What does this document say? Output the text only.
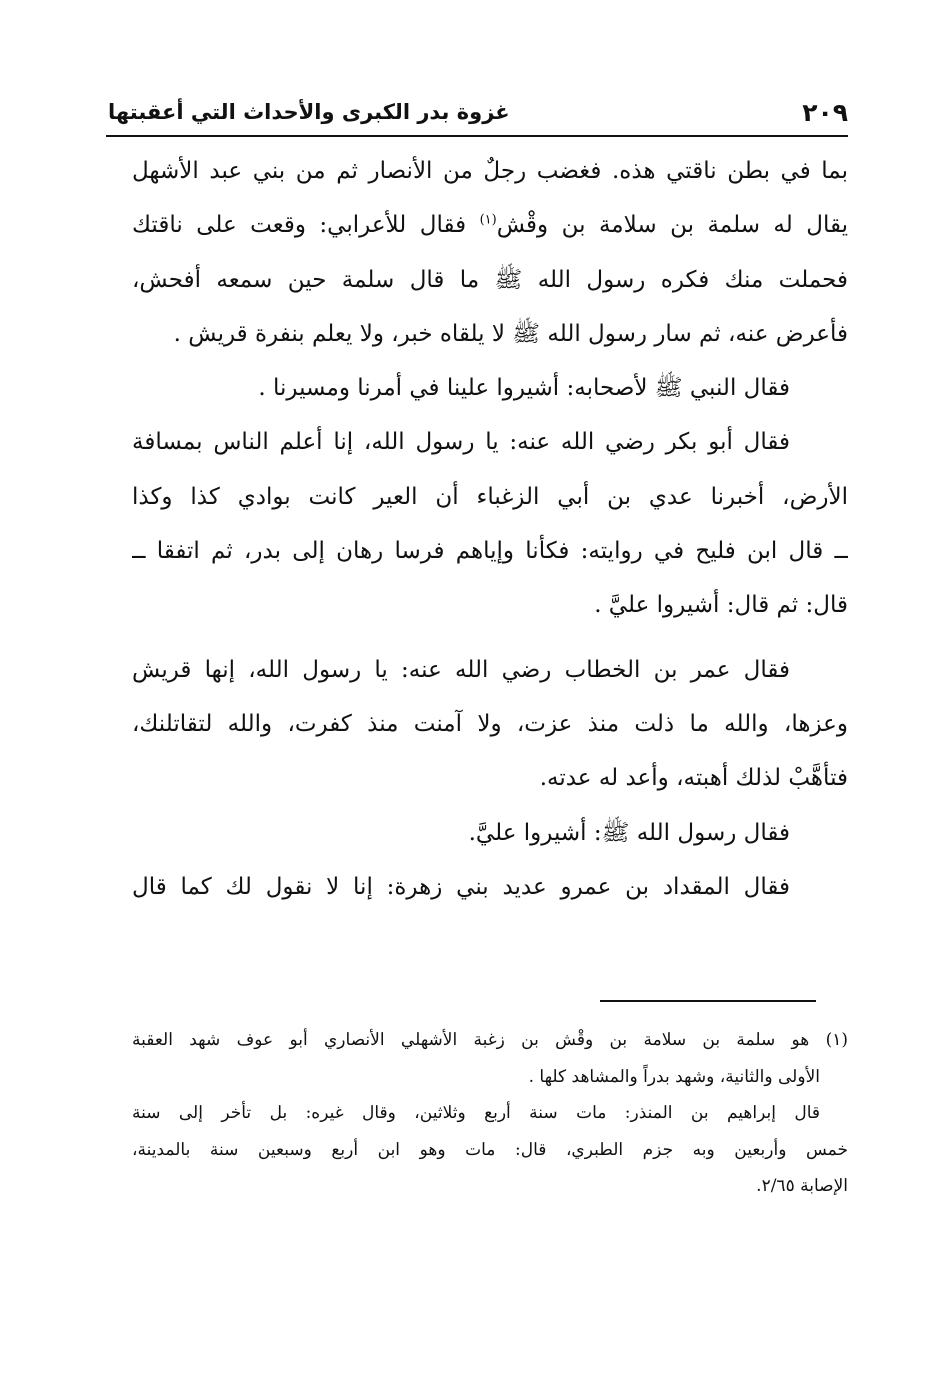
٢٠٩
غزوة بدر الكبرى والأحداث التي أعقبتها
بما في بطن ناقتي هذه. فغضب رجلٌ من الأنصار ثم من بني عبد الأشهل
يقال له سلمة بن سلامة بن وقْش$^{(١)}$ فقال للأعرابي: وقعت على ناقتك
فحملت منك فكره رسول الله ﷺ ما قال سلمة حين سمعه أفحش،
فأعرض عنه، ثم سار رسول الله ﷺ لا يلقاه خبر، ولا يعلم بنفرة قريش .
فقال النبي ﷺ لأصحابه: أشيروا علينا في أمرنا ومسيرنا .
فقال أبو بكر رضي الله عنه: يا رسول الله، إنا أعلم الناس بمسافة
الأرض، أخبرنا عدي بن أبي الزغباء أن العير كانت بوادي كذا وكذا
ــ قال ابن فليح في روايته: فكأنا وإياهم فرسا رهان إلى بدر، ثم اتفقا ــ
قال: ثم قال: أشيروا عليَّ .
فقال عمر بن الخطاب رضي الله عنه: يا رسول الله، إنها قريش
وعزها، والله ما ذلت منذ عزت، ولا آمنت منذ كفرت، والله لتقاتلنك،
فتأهَّبْ لذلك أهبته، وأعد له عدته.
فقال رسول الله ﷺ: أشيروا عليَّ.
فقال المقداد بن عمرو عديد بني زهرة: إنا لا نقول لك كما قال
(١) هو سلمة بن سلامة بن وقْش بن زغبة الأشهلي الأنصاري أبو عوف شهد العقبة
الأولى والثانية، وشهد بدراً والمشاهد كلها .
قال إبراهيم بن المنذر: مات سنة أربع وثلاثين، وقال غيره: بل تأخر إلى سنة
خمس وأربعين وبه جزم الطبري، قال: مات وهو ابن أربع وسبعين سنة بالمدينة،
الإصابة ٢/٦٥.
